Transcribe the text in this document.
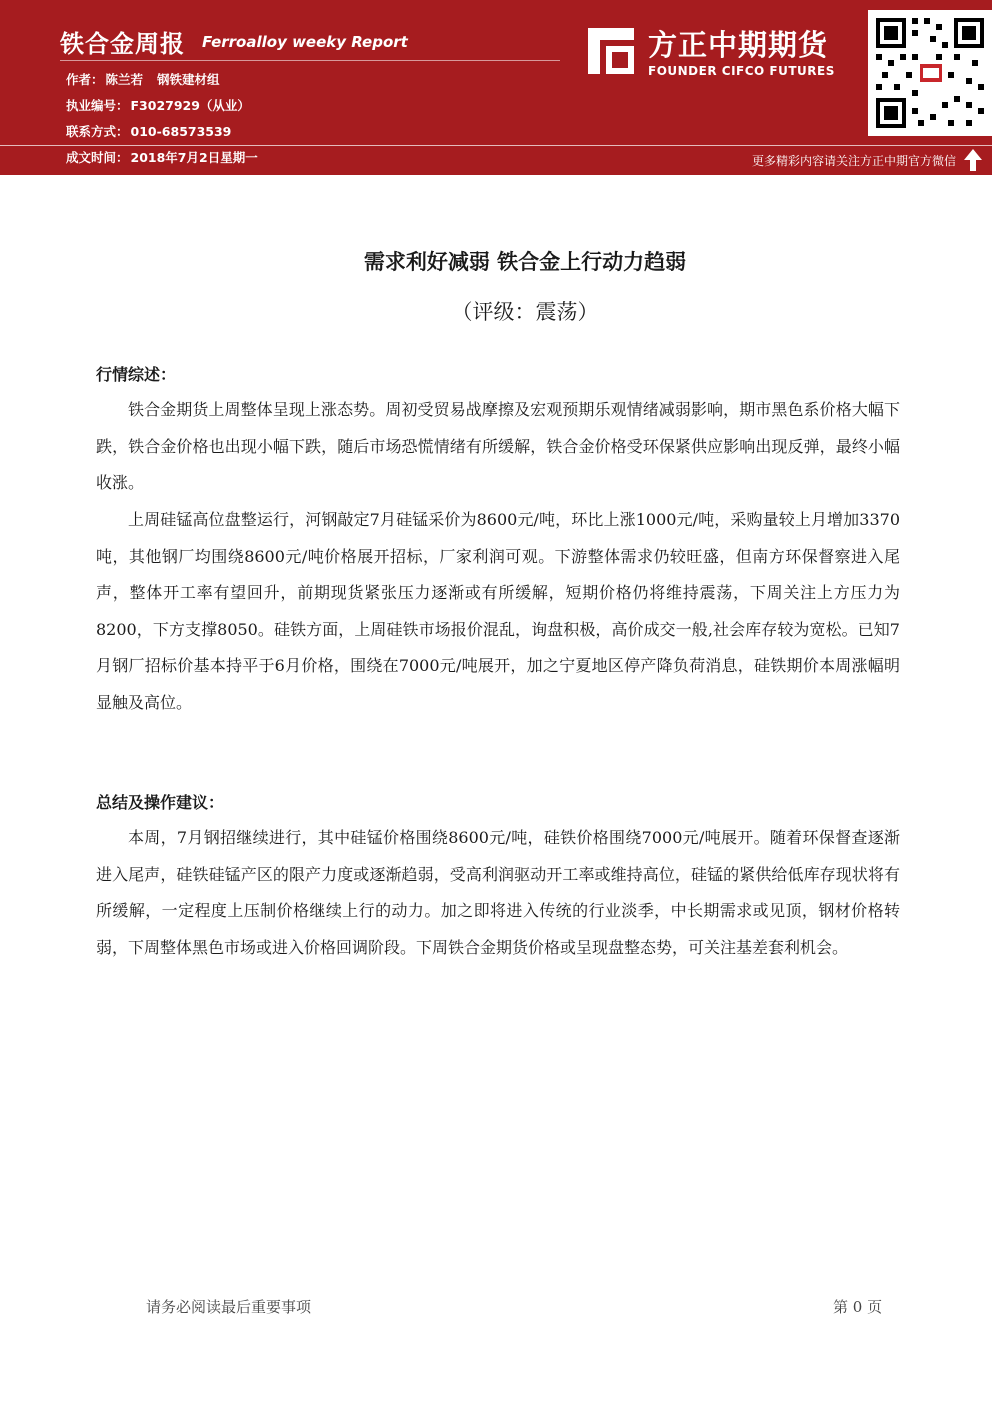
铁合金周报 Ferroalloy weeky Report
作者： 陈兰若 钢铁建材组
执业编号： F3027929（从业）
联系方式： 010-68573539
成文时间： 2018年7月2日星期一
方正中期期货
FOUNDER CIFCO FUTURES
更多精彩内容请关注方正中期官方微信
需求利好减弱 铁合金上行动力趋弱
（评级：震荡）
行情综述：

铁合金期货上周整体呈现上涨态势。周初受贸易战摩擦及宏观预期乐观情绪减弱影响，期市黑色系价格大幅下跌，铁合金价格也出现小幅下跌，随后市场恐慌情绪有所缓解，铁合金价格受环保紧供应影响出现反弹，最终小幅收涨。

上周硅锰高位盘整运行，河钢敲定7月硅锰采价为8600元/吨，环比上涨1000元/吨，采购量较上月增加3370吨，其他钢厂均围绕8600元/吨价格展开招标，厂家利润可观。下游整体需求仍较旺盛，但南方环保督察进入尾声，整体开工率有望回升，前期现货紧张压力逐渐或有所缓解，短期价格仍将维持震荡，下周关注上方压力为8200，下方支撑8050。硅铁方面，上周硅铁市场报价混乱，询盘积极，高价成交一般,社会库存较为宽松。已知7月钢厂招标价基本持平于6月价格，围绕在7000元/吨展开，加之宁夏地区停产降负荷消息，硅铁期价本周涨幅明显触及高位。

总结及操作建议：

本周，7月钢招继续进行，其中硅锰价格围绕8600元/吨，硅铁价格围绕7000元/吨展开。随着环保督查逐渐进入尾声，硅铁硅锰产区的限产力度或逐渐趋弱，受高利润驱动开工率或维持高位，硅锰的紧供给低库存现状将有所缓解，一定程度上压制价格继续上行的动力。加之即将进入传统的行业淡季，中长期需求或见顶，钢材价格转弱，下周整体黑色市场或进入价格回调阶段。下周铁合金期货价格或呈现盘整态势，可关注基差套利机会。

请务必阅读最后重要事项	第 0 页
